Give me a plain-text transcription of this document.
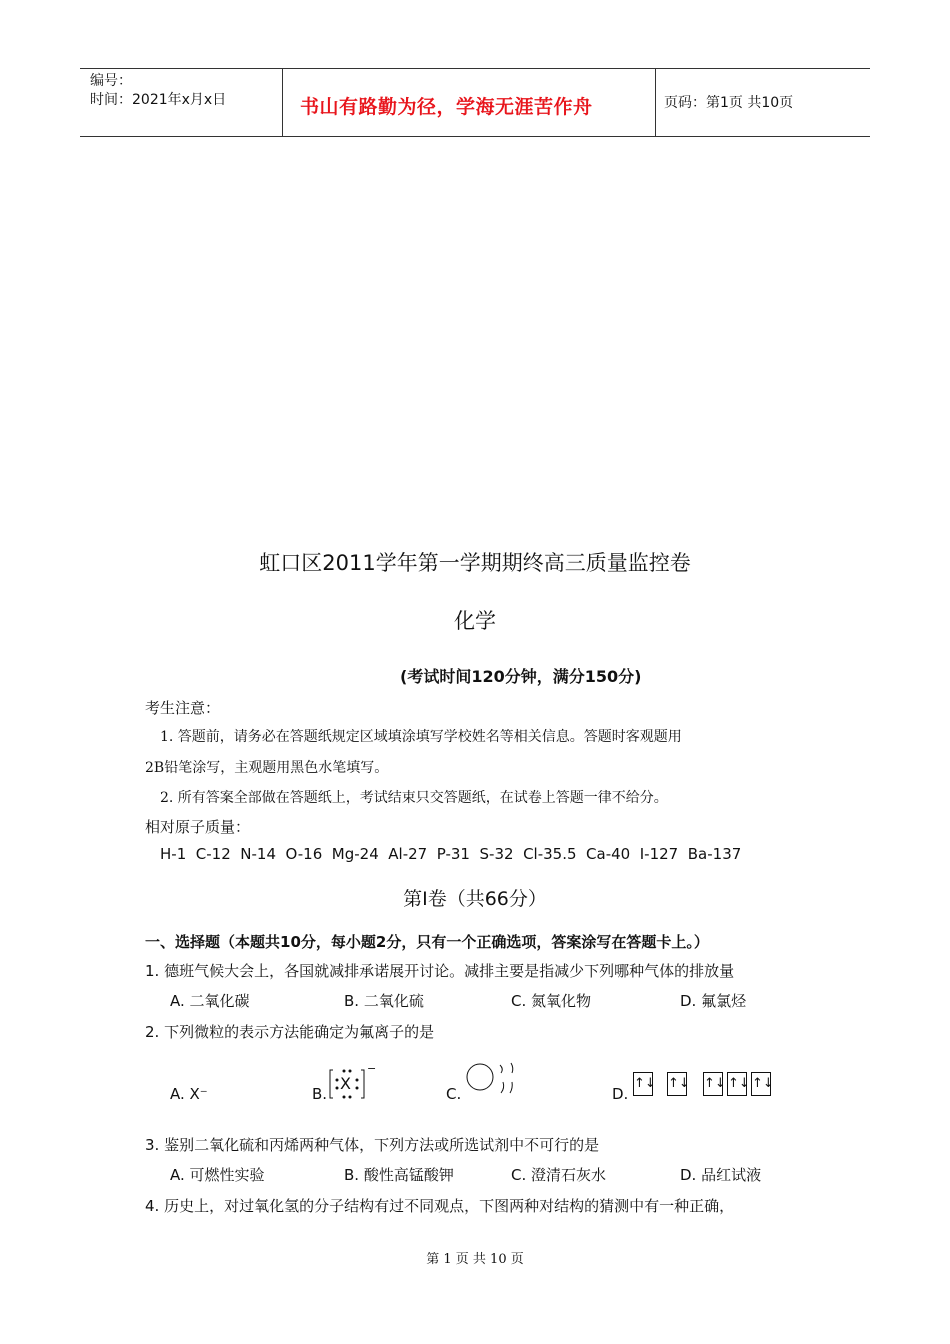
编号：
时间：2021年x月x日	书山有路勤为径，学海无涯苦作舟	页码：第1页 共10页
虹口区2011学年第一学期期终高三质量监控卷
化学
(考试时间120分钟，满分150分)
考生注意：
1. 答题前，请务必在答题纸规定区域填涂填写学校姓名等相关信息。答题时客观题用
2B铅笔涂写，主观题用黑色水笔填写。
2. 所有答案全部做在答题纸上，考试结束只交答题纸，在试卷上答题一律不给分。
相对原子质量：
H-1  C-12  N-14  O-16  Mg-24  Al-27  P-31  S-32  Cl-35.5  Ca-40  I-127  Ba-137
第Ⅰ卷（共66分）
一、选择题（本题共10分，每小题2分，只有一个正确选项，答案涂写在答题卡上。）
1. 德班气候大会上，各国就减排承诺展开讨论。减排主要是指减少下列哪种气体的排放量
A. 二氧化碳	B. 二氧化硫	C. 氮氧化物	D. 氟氯烃
2. 下列微粒的表示方法能确定为氟离子的是
A. X⁻	B.
X
−
C.	D.
↑↓ ↑↓ ↑↓ ↑↓ ↑↓
3. 鉴别二氧化硫和丙烯两种气体，下列方法或所选试剂中不可行的是
A. 可燃性实验	B. 酸性高锰酸钾	C. 澄清石灰水	D. 品红试液
4. 历史上，对过氧化氢的分子结构有过不同观点，下图两种对结构的猜测中有一种正确，
第 1 页 共 10 页
